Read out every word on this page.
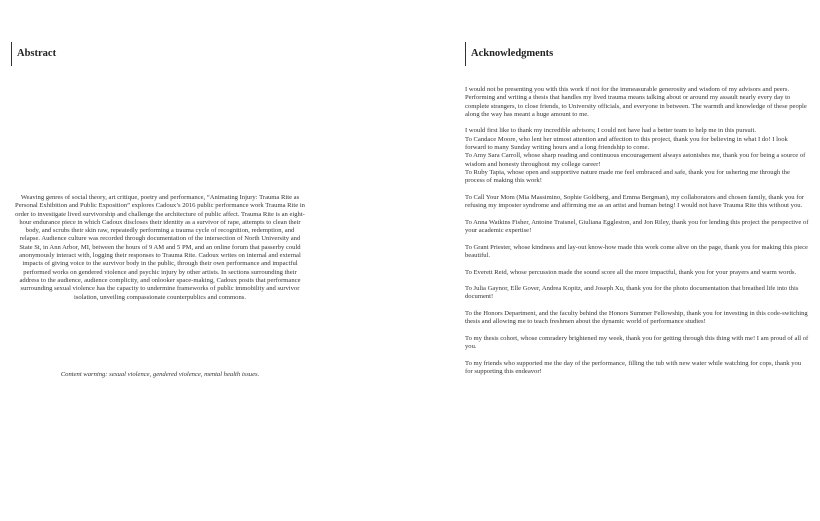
Abstract

Weaving genres of social theory, art critique, poetry and performance, “Animating Injury: Trauma Rite as Personal Exhibition and Public Exposition” explores Cadoux’s 2016 public performance work Trauma Rite in order to investigate lived survivorship and challenge the architecture of public affect. Trauma Rite is an eight-hour endurance piece in which Cadoux discloses their identity as a survivor of rape, attempts to clean their body, and scrubs their skin raw, repeatedly performing a trauma cycle of recognition, redemption, and relapse. Audience culture was recorded through documentation of the intersection of North University and State St, in Ann Arbor, MI, between the hours of 9 AM and 5 PM, and an online forum that passerby could anonymously interact with, logging their responses to Trauma Rite. Cadoux writes on internal and external impacts of giving voice to the survivor body in the public, through their own performance and impactful performed works on gendered violence and psychic injury by other artists. In sections surrounding their address to the audience, audience complicity, and onlooker space-making, Cadoux posits that performance surrounding sexual violence has the capacity to undermine frameworks of public immobility and survivor isolation, unveiling compassionate counterpublics and commons.

Content warning: sexual violence, gendered violence, mental health issues.
Acknowledgments

I would not be presenting you with this work if not for the immeasurable generosity and wisdom of my advisors and peers. Performing and writing a thesis that handles my lived trauma means talking about or around my assault nearly every day to complete strangers, to close friends, to University officials, and everyone in between. The warmth and knowledge of these people along the way has meant a huge amount to me.

I would first like to thank my incredible advisors; I could not have had a better team to help me in this pursuit.
To Candace Moore, who lent her utmost attention and affection to this project, thank you for believing in what I do! I look forward to many Sunday writing hours and a long friendship to come.
To Amy Sara Carroll, whose sharp reading and continuous encouragement always astonishes me, thank you for being a source of wisdom and honesty throughout my college career!
To Ruby Tapia, whose open and supportive nature made me feel embraced and safe, thank you for ushering me through the process of making this work!

To Call Your Mom (Mia Massimino, Sophie Goldberg, and Emma Bergman), my collaborators and chosen family, thank you for refusing my imposter syndrome and affirming me as an artist and human being! I would not have Trauma Rite this without you.

To Anna Watkins Fisher, Antoine Traisnel, Giuliana Eggleston, and Jon Riley, thank you for lending this project the perspective of your academic expertise!

To Grant Priester, whose kindness and lay-out know-how made this work come alive on the page, thank you for making this piece beautiful.

To Everett Reid, whose percussion made the sound score all the more impactful, thank you for your prayers and warm words.

To Julia Gaynor, Elle Gover, Andrea Kopitz, and Joseph Xu, thank you for the photo documentation that breathed life into this document!

To the Honors Department, and the faculty behind the Honors Summer Fellowship, thank you for investing in this code-switching thesis and allowing me to teach freshmen about the dynamic world of performance studies!

To my thesis cohort, whose comradery brightened my week, thank you for getting through this thing with me! I am proud of all of you.

To my friends who supported me the day of the performance, filling the tub with new water while watching for cops, thank you for supporting this endeavor!
